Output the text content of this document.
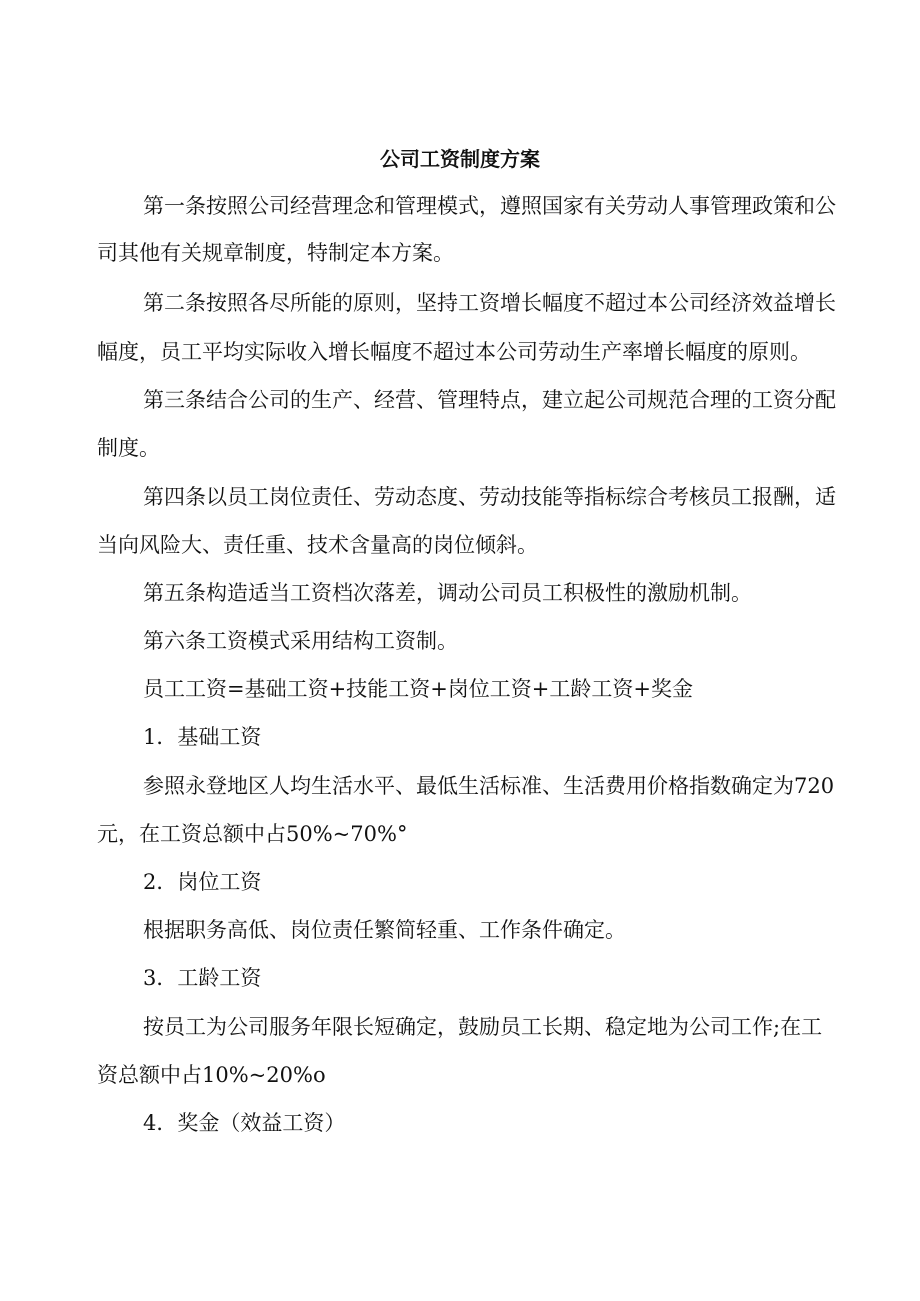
公司工资制度方案
第一条按照公司经营理念和管理模式，遵照国家有关劳动人事管理政策和公
司其他有关规章制度，特制定本方案。
第二条按照各尽所能的原则，坚持工资增长幅度不超过本公司经济效益增长
幅度，员工平均实际收入增长幅度不超过本公司劳动生产率增长幅度的原则。
第三条结合公司的生产、经营、管理特点，建立起公司规范合理的工资分配
制度。
第四条以员工岗位责任、劳动态度、劳动技能等指标综合考核员工报酬，适
当向风险大、责任重、技术含量高的岗位倾斜。
第五条构造适当工资档次落差，调动公司员工积极性的激励机制。
第六条工资模式采用结构工资制。
员工工资=基础工资+技能工资+岗位工资+工龄工资+奖金
1．基础工资
参照永登地区人均生活水平、最低生活标准、生活费用价格指数确定为720
元，在工资总额中占50%~70%°
2．岗位工资
根据职务高低、岗位责任繁简轻重、工作条件确定。
3．工龄工资
按员工为公司服务年限长短确定，鼓励员工长期、稳定地为公司工作;在工
资总额中占10%~20%o
4．奖金（效益工资）
